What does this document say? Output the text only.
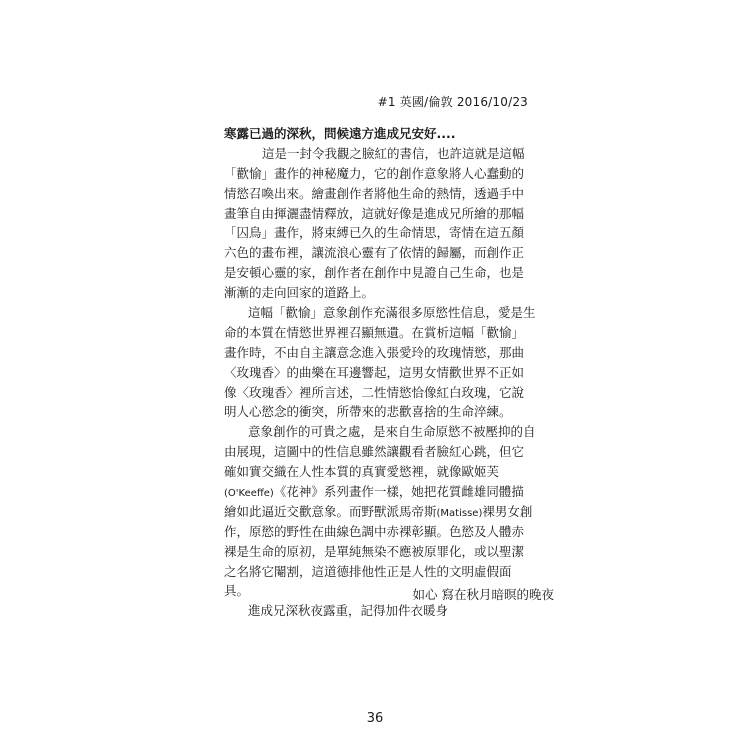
#1 英國/倫敦 2016/10/23
寒露已過的深秋，問候遠方進成兄安好....
這是一封令我觀之臉紅的書信，也許這就是這幅
「歡愉」畫作的神秘魔力，它的創作意象將人心蠢動的
情慾召喚出來。繪畫創作者將他生命的熱情，透過手中
畫筆自由揮灑盡情釋放，這就好像是進成兄所繪的那幅
「囚鳥」畫作，將束縛已久的生命情思，寄情在這五顏
六色的畫布裡，讓流浪心靈有了依情的歸屬，而創作正
是安頓心靈的家，創作者在創作中見證自己生命，也是
漸漸的走向回家的道路上。
這幅「歡愉」意象創作充滿很多原慾性信息，愛是生
命的本質在情慾世界裡召顯無遺。在賞析這幅「歡愉」
畫作時，不由自主讓意念進入張愛玲的玫瑰情慾，那曲
〈玫瑰香〉的曲樂在耳邊響起，這男女情歡世界不正如
像〈玫瑰香〉裡所言述，二性情慾恰像紅白玫瑰，它說
明人心慾念的衝突，所帶來的悲歡喜捨的生命淬練。
意象創作的可貴之處，是來自生命原慾不被壓抑的自
由展現，這圖中的性信息雖然讓觀看者臉紅心跳，但它
確如實交織在人性本質的真實愛慾裡，就像歐姬芙
(O'Keeffe)《花神》系列畫作一樣，她把花質雌雄同體描
繪如此逼近交歡意象。而野獸派馬帝斯(Matisse)裸男女創
作，原慾的野性在曲線色調中赤裸彰顯。色慾及人體赤
裸是生命的原初，是單純無染不應被原罪化，或以聖潔
之名將它閹割，這道德排他性正是人性的文明虛假面
具。
進成兄深秋夜露重，記得加件衣暖身
如心 寫在秋月暗暝的晚夜
36
